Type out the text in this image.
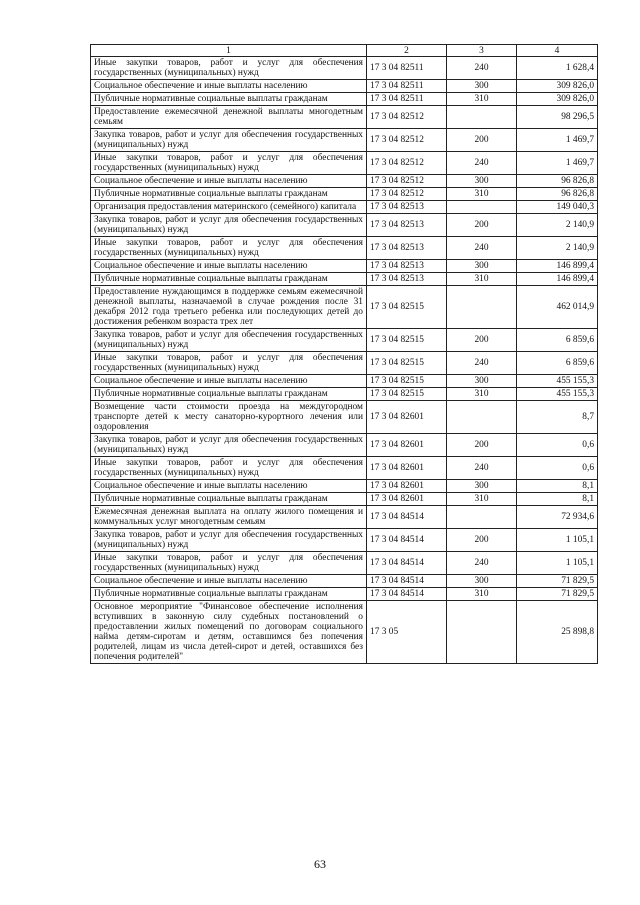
1	2	3	4
Иные закупки товаров, работ и услуг для обеспечения государственных (муниципальных) нужд	17 3 04 82511	240	1 628,4
Социальное обеспечение и иные выплаты населению	17 3 04 82511	300	309 826,0
Публичные нормативные социальные выплаты гражданам	17 3 04 82511	310	309 826,0
Предоставление ежемесячной денежной выплаты многодетным семьям	17 3 04 82512		98 296,5
Закупка товаров, работ и услуг для обеспечения государственных (муниципальных) нужд	17 3 04 82512	200	1 469,7
Иные закупки товаров, работ и услуг для обеспечения государственных (муниципальных) нужд	17 3 04 82512	240	1 469,7
Социальное обеспечение и иные выплаты населению	17 3 04 82512	300	96 826,8
Публичные нормативные социальные выплаты гражданам	17 3 04 82512	310	96 826,8
Организация предоставления материнского (семейного) капитала	17 3 04 82513		149 040,3
Закупка товаров, работ и услуг для обеспечения государственных (муниципальных) нужд	17 3 04 82513	200	2 140,9
Иные закупки товаров, работ и услуг для обеспечения государственных (муниципальных) нужд	17 3 04 82513	240	2 140,9
Социальное обеспечение и иные выплаты населению	17 3 04 82513	300	146 899,4
Публичные нормативные социальные выплаты гражданам	17 3 04 82513	310	146 899,4
Предоставление нуждающимся в поддержке семьям ежемесячной денежной выплаты, назначаемой в случае рождения после 31 декабря 2012 года третьего ребенка или последующих детей до достижения ребенком возраста трех лет	17 3 04 82515		462 014,9
Закупка товаров, работ и услуг для обеспечения государственных (муниципальных) нужд	17 3 04 82515	200	6 859,6
Иные закупки товаров, работ и услуг для обеспечения государственных (муниципальных) нужд	17 3 04 82515	240	6 859,6
Социальное обеспечение и иные выплаты населению	17 3 04 82515	300	455 155,3
Публичные нормативные социальные выплаты гражданам	17 3 04 82515	310	455 155,3
Возмещение части стоимости проезда на междугородном транспорте детей к месту санаторно-курортного лечения или оздоровления	17 3 04 82601		8,7
Закупка товаров, работ и услуг для обеспечения государственных (муниципальных) нужд	17 3 04 82601	200	0,6
Иные закупки товаров, работ и услуг для обеспечения государственных (муниципальных) нужд	17 3 04 82601	240	0,6
Социальное обеспечение и иные выплаты населению	17 3 04 82601	300	8,1
Публичные нормативные социальные выплаты гражданам	17 3 04 82601	310	8,1
Ежемесячная денежная выплата на оплату жилого помещения и коммунальных услуг многодетным семьям	17 3 04 84514		72 934,6
Закупка товаров, работ и услуг для обеспечения государственных (муниципальных) нужд	17 3 04 84514	200	1 105,1
Иные закупки товаров, работ и услуг для обеспечения государственных (муниципальных) нужд	17 3 04 84514	240	1 105,1
Социальное обеспечение и иные выплаты населению	17 3 04 84514	300	71 829,5
Публичные нормативные социальные выплаты гражданам	17 3 04 84514	310	71 829,5
Основное мероприятие "Финансовое обеспечение исполнения вступивших в законную силу судебных постановлений о предоставлении жилых помещений по договорам социального найма детям-сиротам и детям, оставшимся без попечения родителей, лицам из числа детей-сирот и детей, оставшихся без попечения родителей"	17 3 05		25 898,8
63
